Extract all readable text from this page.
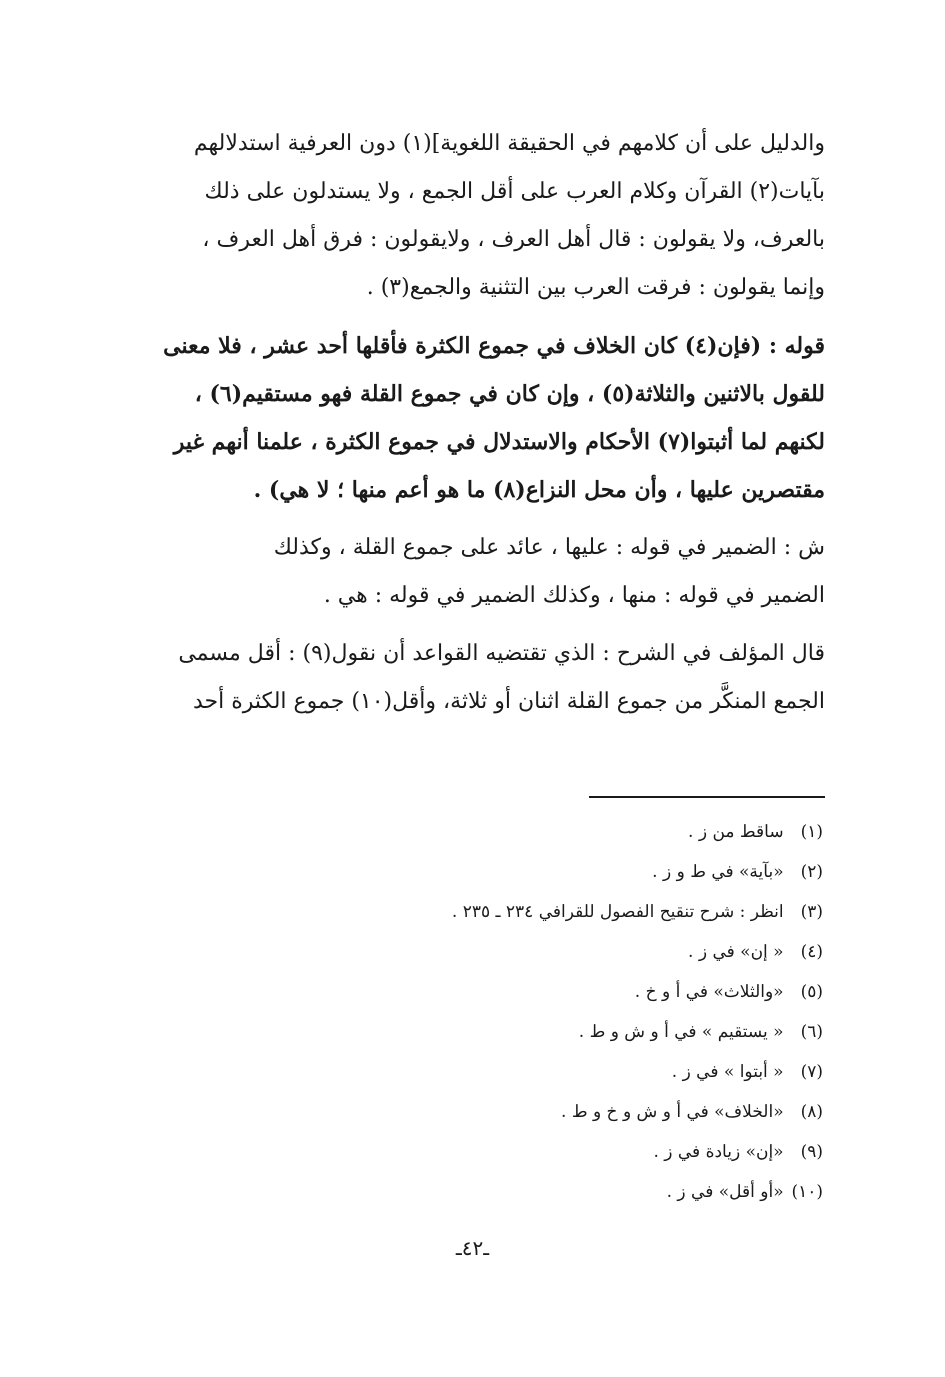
والدليل على أن كلامهم في الحقيقة اللغوية](١) دون العرفية استدلالهم
بآيات(٢) القرآن وكلام العرب على أقل الجمع ، ولا يستدلون على ذلك
بالعرف، ولا يقولون : قال أهل العرف ، ولايقولون : فرق أهل العرف ،
وإنما يقولون : فرقت العرب بين التثنية والجمع(٣) .
قوله : (فإن(٤) كان الخلاف في جموع الكثرة فأقلها أحد عشر ، فلا معنى
للقول بالاثنين والثلاثة(٥) ، وإن كان في جموع القلة فهو مستقيم(٦) ،
لكنهم لما أثبتوا(٧) الأحكام والاستدلال في جموع الكثرة ، علمنا أنهم غير
مقتصرين عليها ، وأن محل النزاع(٨) ما هو أعم منها ؛ لا هي) .
ش : الضمير في قوله : عليها ، عائد على جموع القلة ، وكذلك
الضمير في قوله : منها ، وكذلك الضمير في قوله : هي .
قال المؤلف في الشرح : الذي تقتضيه القواعد أن نقول(٩) : أقل مسمى
الجمع المنكَّر من جموع القلة اثنان أو ثلاثة، وأقل(١٠) جموع الكثرة أحد
(١) ساقط من ز .
(٢) «بآية» في ط و ز .
(٣) انظر : شرح تنقيح الفصول للقرافي ٢٣٤ ـ ٢٣٥ .
(٤) « إن» في ز .
(٥) «والثلاث» في أ و خ .
(٦) « يستقيم » في أ و ش و ط .
(٧) « أبتوا » في ز .
(٨) «الخلاف» في أ و ش و خ و ط .
(٩) «إن» زيادة في ز .
(١٠) «أو أقل» في ز .
ـ٤٢ـ
